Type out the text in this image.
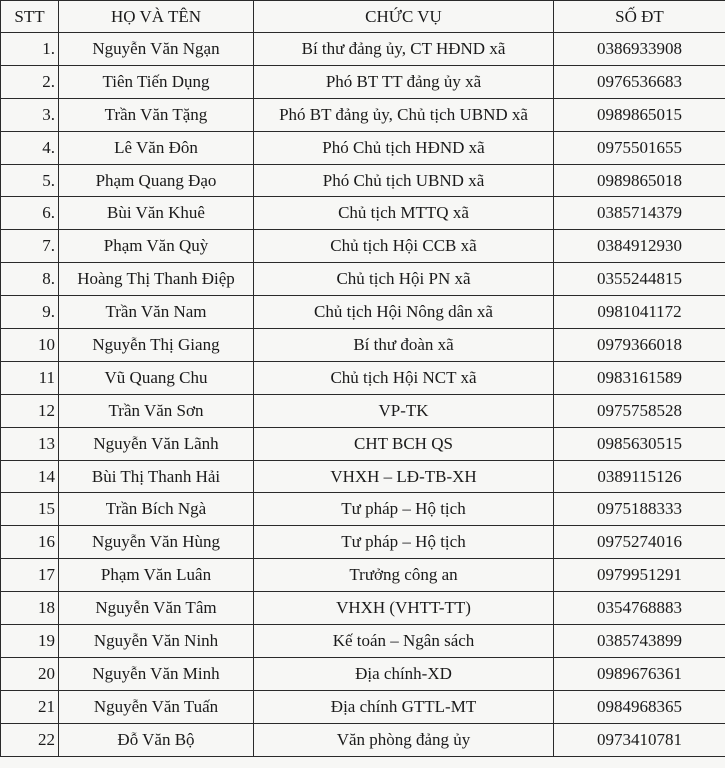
STT	HỌ VÀ TÊN	CHỨC VỤ	SỐ ĐT
1.	Nguyễn Văn Ngạn	Bí thư đảng ủy, CT HĐND xã	0386933908
2.	Tiên Tiến Dụng	Phó BT TT đảng ủy xã	0976536683
3.	Trần Văn Tặng	Phó BT đảng ủy, Chủ tịch UBND xã	0989865015
4.	Lê Văn Đôn	Phó Chủ tịch HĐND xã	0975501655
5.	Phạm Quang Đạo	Phó Chủ tịch UBND xã	0989865018
6.	Bùi Văn Khuê	Chủ tịch MTTQ xã	0385714379
7.	Phạm Văn Quỳ	Chủ tịch Hội CCB xã	0384912930
8.	Hoàng Thị Thanh Điệp	Chủ tịch Hội PN xã	0355244815
9.	Trần Văn Nam	Chủ tịch Hội Nông dân xã	0981041172
10	Nguyễn Thị Giang	Bí thư đoàn xã	0979366018
11	Vũ Quang Chu	Chủ tịch Hội NCT xã	0983161589
12	Trần Văn Sơn	VP-TK	0975758528
13	Nguyễn Văn Lãnh	CHT BCH QS	0985630515
14	Bùi Thị Thanh Hải	VHXH – LĐ-TB-XH	0389115126
15	Trần Bích Ngà	Tư pháp – Hộ tịch	0975188333
16	Nguyễn Văn Hùng	Tư pháp – Hộ tịch	0975274016
17	Phạm Văn Luân	Trưởng công an	0979951291
18	Nguyễn Văn Tâm	VHXH (VHTT-TT)	0354768883
19	Nguyễn Văn Ninh	Kế toán – Ngân sách	0385743899
20	Nguyễn Văn Minh	Địa chính-XD	0989676361
21	Nguyễn Văn Tuấn	Địa chính GTTL-MT	0984968365
22	Đỗ Văn Bộ	Văn phòng đảng ủy	0973410781
